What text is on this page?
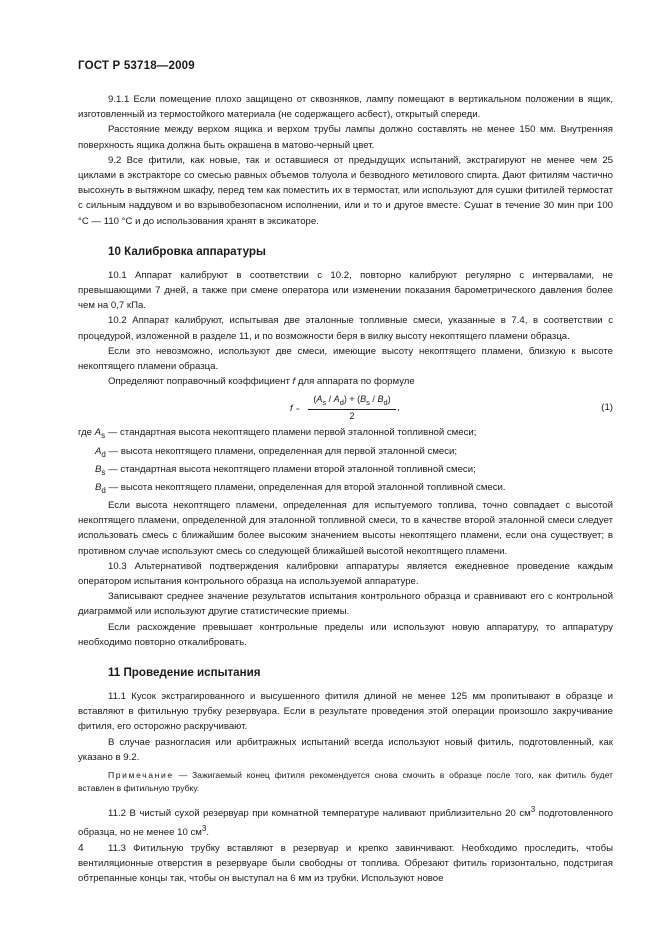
ГОСТ Р 53718—2009

9.1.1 Если помещение плохо защищено от сквозняков, лампу помещают в вертикальном положении в ящик, изготовленный из термостойкого материала (не содержащего асбест), открытый спереди.

Расстояние между верхом ящика и верхом трубы лампы должно составлять не менее 150 мм. Внутренняя поверхность ящика должна быть окрашена в матово-черный цвет.

9.2 Все фитили, как новые, так и оставшиеся от предыдущих испытаний, экстрагируют не менее чем 25 циклами в экстракторе со смесью равных объемов толуола и безводного метилового спирта. Дают фитилям частично высохнуть в вытяжном шкафу, перед тем как поместить их в термостат, или используют для сушки фитилей термостат с сильным наддувом и во взрывобезопасном исполнении, или и то и другое вместе. Сушат в течение 30 мин при 100 °С — 110 °С и до использования хранят в эксикаторе.

10 Калибровка аппаратуры

10.1 Аппарат калибруют в соответствии с 10.2, повторно калибруют регулярно с интервалами, не превышающими 7 дней, а также при смене оператора или изменении показания барометрического давления более чем на 0,7 кПа.

10.2 Аппарат калибруют, испытывая две эталонные топливные смеси, указанные в 7.4, в соответствии с процедурой, изложенной в разделе 11, и по возможности беря в вилку высоту некоптящего пламени образца.

Если это невозможно, используют две смеси, имеющие высоту некоптящего пламени, близкую к высоте некоптящего пламени образца.

Определяют поправочный коэффициент f для аппарата по формуле

$f = \frac{(A_s / A_d) + (B_s / B_d)}{2}$ ,	(1)

где $A_s$ — стандартная высота некоптящего пламени первой эталонной топливной смеси;

$A_d$ — высота некоптящего пламени, определенная для первой эталонной смеси;

$B_s$ — стандартная высота некоптящего пламени второй эталонной топливной смеси;

$B_d$ — высота некоптящего пламени, определенная для второй эталонной топливной смеси.

Если высота некоптящего пламени, определенная для испытуемого топлива, точно совпадает с высотой некоптящего пламени, определенной для эталонной топливной смеси, то в качестве второй эталонной смеси следует использовать смесь с ближайшим более высоким значением высоты некоптящего пламени, если она существует; в противном случае используют смесь со следующей ближайшей высотой некоптящего пламени.

10.3 Альтернативой подтверждения калибровки аппаратуры является ежедневное проведение каждым оператором испытания контрольного образца на используемой аппаратуре.

Записывают среднее значение результатов испытания контрольного образца и сравнивают его с контрольной диаграммой или используют другие статистические приемы.

Если расхождение превышает контрольные пределы или используют новую аппаратуру, то аппаратуру необходимо повторно откалибровать.

11 Проведение испытания

11.1 Кусок экстрагированного и высушенного фитиля длиной не менее 125 мм пропитывают в образце и вставляют в фитильную трубку резервуара. Если в результате проведения этой операции произошло закручивание фитиля, его осторожно раскручивают.

В случае разногласия или арбитражных испытаний всегда используют новый фитиль, подготовленный, как указано в 9.2.

Примечание — Зажигаемый конец фитиля рекомендуется снова смочить в образце после того, как фитиль будет вставлен в фитильную трубку.

11.2 В чистый сухой резервуар при комнатной температуре наливают приблизительно 20 $см^3$ подготовленного образца, но не менее 10 $см^3$.

11.3 Фитильную трубку вставляют в резервуар и крепко завинчивают. Необходимо проследить, чтобы вентиляционные отверстия в резервуаре были свободны от топлива. Обрезают фитиль горизонтально, подстригая обтрепанные концы так, чтобы он выступал на 6 мм из трубки. Используют новое

4
